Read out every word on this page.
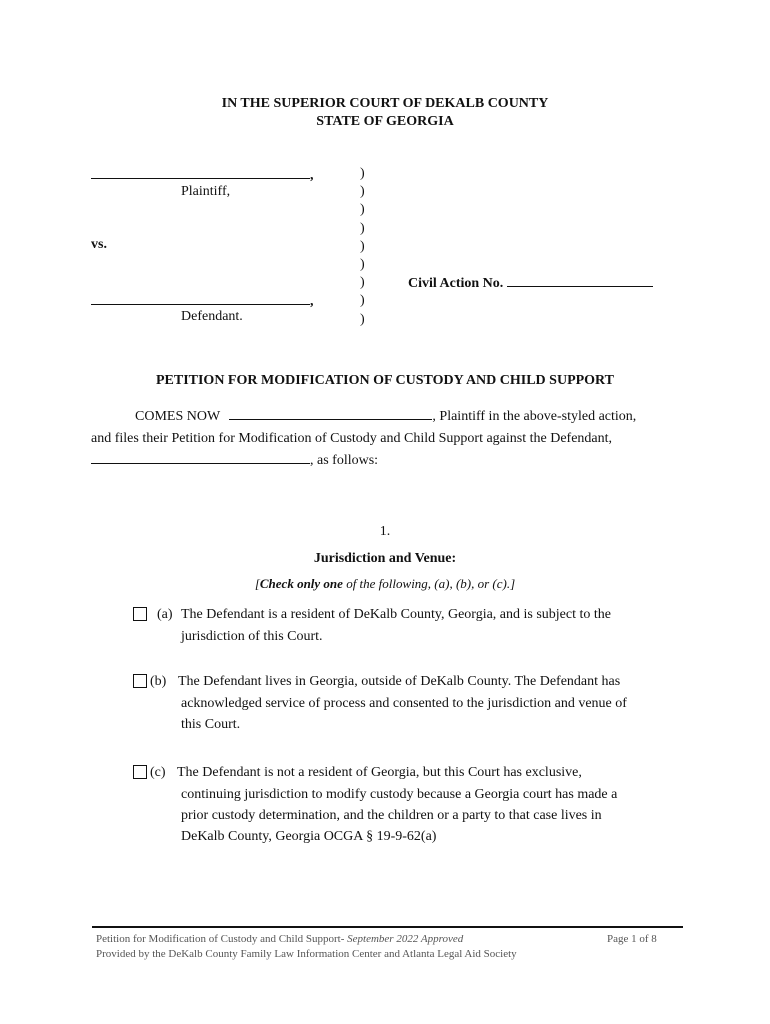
IN THE SUPERIOR COURT OF DEKALB COUNTY
STATE OF GEORGIA
,
Plaintiff,
vs.
,
Defendant.
)
)
)
)
)
)
)
)
)
Civil Action No.
PETITION FOR MODIFICATION OF CUSTODY AND CHILD SUPPORT
COMES NOW	, Plaintiff in the above-styled action,
and files their Petition for Modification of Custody and Child Support against the Defendant,
, as follows:
1.
Jurisdiction and Venue:
[Check only one of the following, (a), (b), or (c).]
(a) The Defendant is a resident of DeKalb County, Georgia, and is subject to the
jurisdiction of this Court.
(b) The Defendant lives in Georgia, outside of DeKalb County. The Defendant has
acknowledged service of process and consented to the jurisdiction and venue of
this Court.
(c) The Defendant is not a resident of Georgia, but this Court has exclusive,
continuing jurisdiction to modify custody because a Georgia court has made a
prior custody determination, and the children or a party to that case lives in
DeKalb County, Georgia OCGA § 19-9-62(a)
Petition for Modification of Custody and Child Support- September 2022 Approved
Provided by the DeKalb County Family Law Information Center and Atlanta Legal Aid Society
Page 1 of 8
